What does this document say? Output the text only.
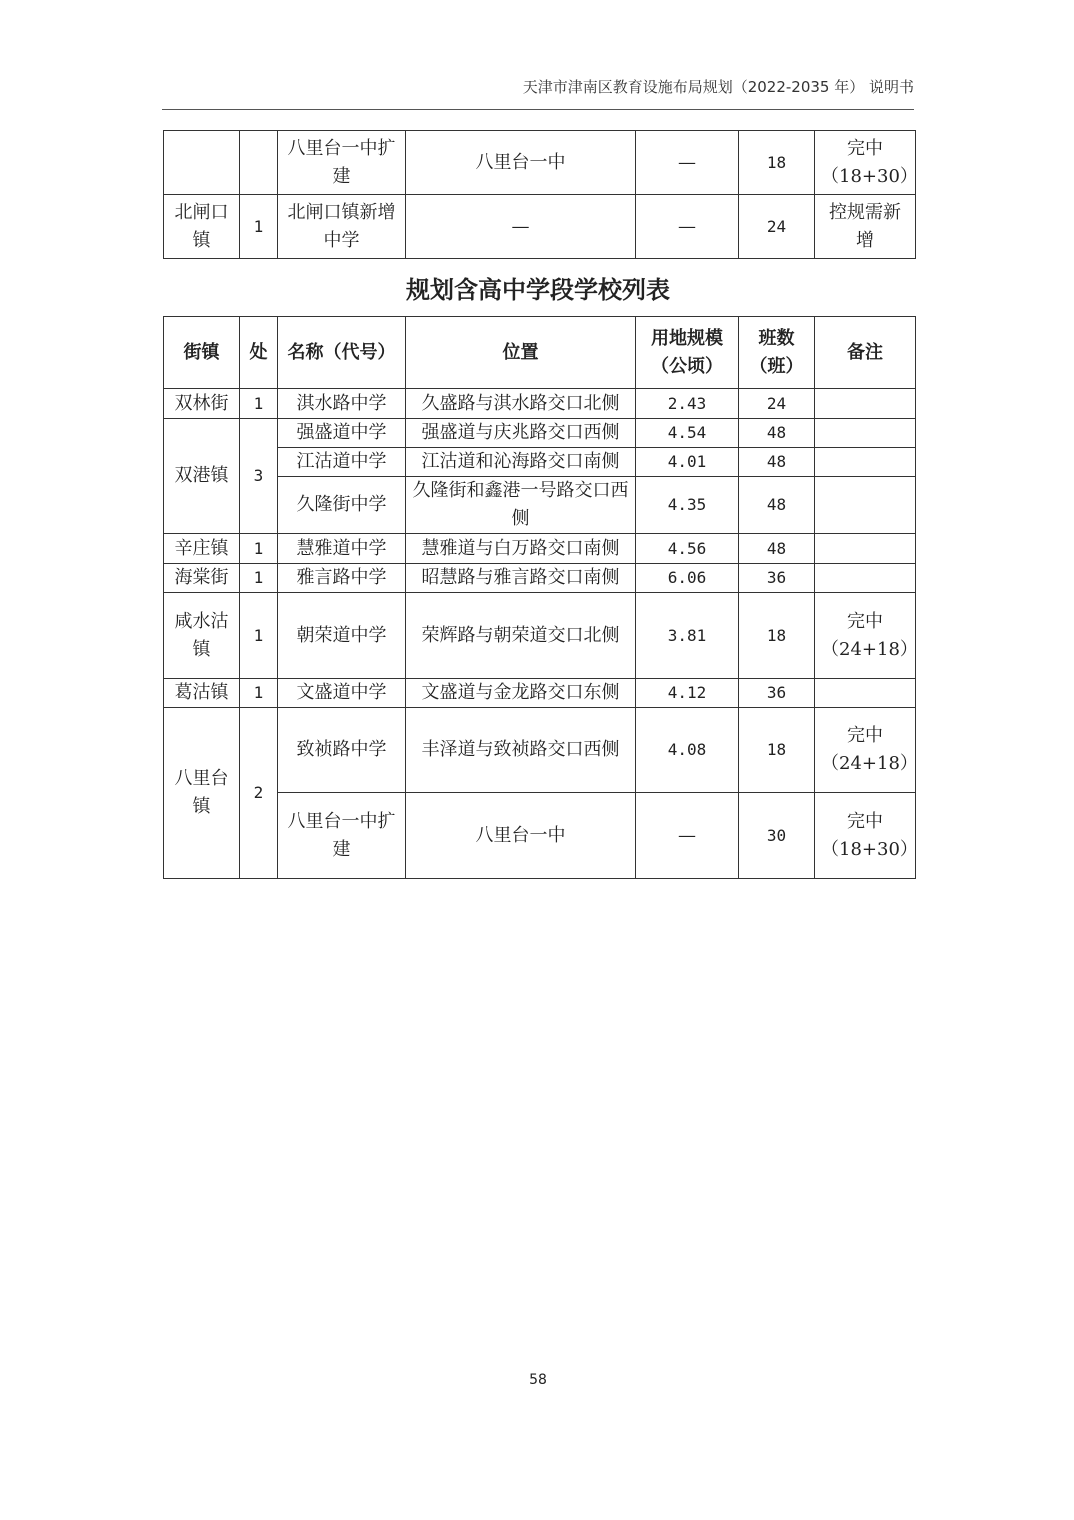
天津市津南区教育设施布局规划（2022-2035 年） 说明书
		八里台一中扩建	八里台一中	—	18	完中（18+30）
北闸口镇	1	北闸口镇新增中学	—	—	24	控规需新增
规划含高中学段学校列表
街镇	处	名称（代号）	位置	用地规模（公顷）	班数（班）	备注
双林街	1	淇水路中学	久盛路与淇水路交口北侧	2.43	24	
双港镇	3	强盛道中学	强盛道与庆兆路交口西侧	4.54	48	
		江沽道中学	江沽道和沁海路交口南侧	4.01	48	
		久隆街中学	久隆街和鑫港一号路交口西侧	4.35	48	
辛庄镇	1	慧雅道中学	慧雅道与白万路交口南侧	4.56	48	
海棠街	1	雅言路中学	昭慧路与雅言路交口南侧	6.06	36	
咸水沽镇	1	朝荣道中学	荣辉路与朝荣道交口北侧	3.81	18	完中（24+18）
葛沽镇	1	文盛道中学	文盛道与金龙路交口东侧	4.12	36	
八里台镇	2	致祯路中学	丰泽道与致祯路交口西侧	4.08	18	完中（24+18）
		八里台一中扩建	八里台一中	—	30	完中（18+30）
58
